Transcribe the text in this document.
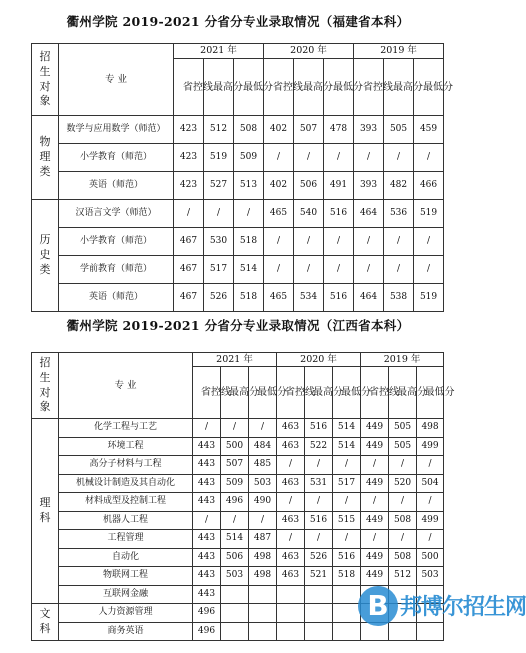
衢州学院 2019-2021 分省分专业录取情况（福建省本科）
招生对象	专 业	2021 年			2020 年			2019 年		
		省控线	最高分	最低分	省控线	最高分	最低分	省控线	最高分	最低分
物理类	数学与应用数学（师范）	423	512	508	402	507	478	393	505	459
	小学教育（师范）	423	519	509	/	/	/	/	/	/
	英语（师范）	423	527	513	402	506	491	393	482	466
历史类	汉语言文学（师范）	/	/	/	465	540	516	464	536	519
	小学教育（师范）	467	530	518	/	/	/	/	/	/
	学前教育（师范）	467	517	514	/	/	/	/	/	/
	英语（师范）	467	526	518	465	534	516	464	538	519
衢州学院 2019-2021 分省分专业录取情况（江西省本科）
招生对象	专 业	2021 年			2020 年			2019 年		
		省控线	最高分	最低分	省控线	最高分	最低分	省控线	最高分	最低分
理科	化学工程与工艺	/	/	/	463	516	514	449	505	498
	环境工程	443	500	484	463	522	514	449	505	499
	高分子材料与工程	443	507	485	/	/	/	/	/	/
	机械设计制造及其自动化	443	509	503	463	531	517	449	520	504
	材料成型及控制工程	443	496	490	/	/	/	/	/	/
	机器人工程	/	/	/	463	516	515	449	508	499
	工程管理	443	514	487	/	/	/	/	/	/
	自动化	443	506	498	463	526	516	449	508	500
	物联网工程	443	503	498	463	521	518	449	512	503
	互联网金融	443								
文科	人力资源管理	496								
	商务英语	496								
B 邦博尔招生网
